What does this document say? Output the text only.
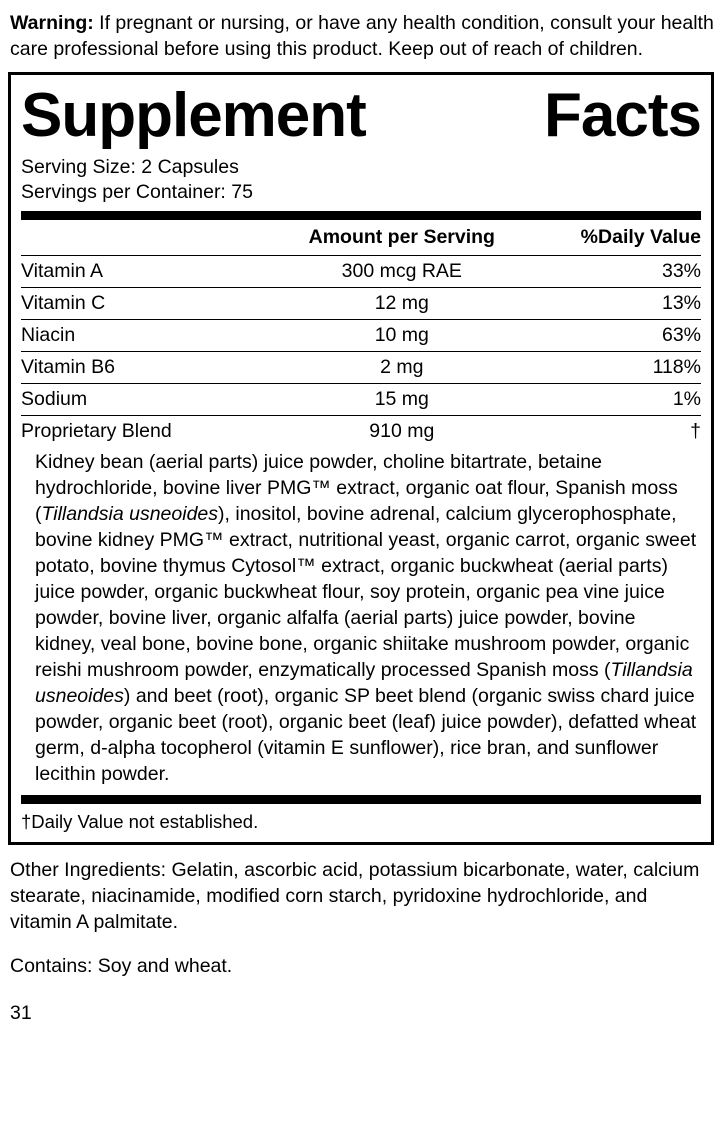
Warning: If pregnant or nursing, or have any health condition, consult your health care professional before using this product. Keep out of reach of children.
Supplement	Facts
Serving Size: 2 Capsules
Servings per Container: 75
	Amount per Serving	%Daily Value
Vitamin A	300 mcg RAE	33%
Vitamin C	12 mg	13%
Niacin	10 mg	63%
Vitamin B6	2 mg	118%
Sodium	15 mg	1%
Proprietary Blend	910 mg	†
Kidney bean (aerial parts) juice powder, choline bitartrate, betaine hydrochloride, bovine liver PMG™ extract, organic oat flour, Spanish moss (Tillandsia usneoides), inositol, bovine adrenal, calcium glycerophosphate, bovine kidney PMG™ extract, nutritional yeast, organic carrot, organic sweet potato, bovine thymus Cytosol™ extract, organic buckwheat (aerial parts) juice powder, organic buckwheat flour, soy protein, organic pea vine juice powder, bovine liver, organic alfalfa (aerial parts) juice powder, bovine kidney, veal bone, bovine bone, organic shiitake mushroom powder, organic reishi mushroom powder, enzymatically processed Spanish moss (Tillandsia usneoides) and beet (root), organic SP beet blend (organic swiss chard juice powder, organic beet (root), organic beet (leaf) juice powder), defatted wheat germ, d-alpha tocopherol (vitamin E sunflower), rice bran, and sunflower lecithin powder.
†Daily Value not established.
Other Ingredients: Gelatin, ascorbic acid, potassium bicarbonate, water, calcium stearate, niacinamide, modified corn starch, pyridoxine hydrochloride, and vitamin A palmitate.
Contains: Soy and wheat.
31
